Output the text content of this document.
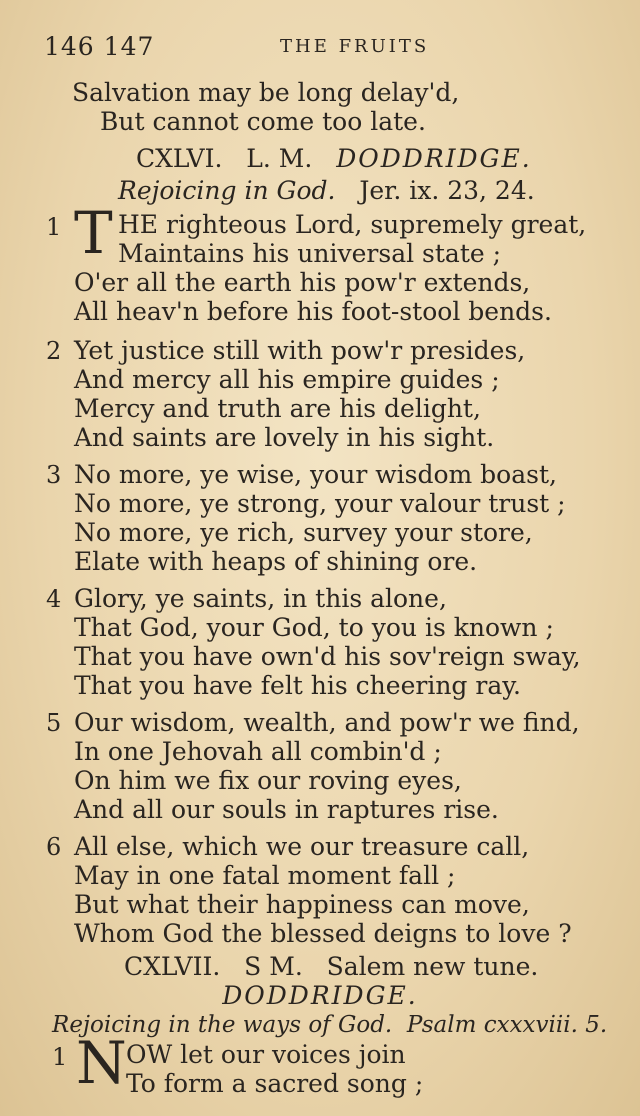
146 147	THE FRUITS
Salvation may be long delay'd,
But cannot come too late.
CXLVI. L. M. DODDRIDGE.
Rejoicing in God. Jer. ix. 23, 24.
1 T HE righteous Lord, supremely great,
Maintains his universal state ;
O'er all the earth his pow'r extends,
All heav'n before his foot-stool bends.
2 Yet justice still with pow'r presides,
And mercy all his empire guides ;
Mercy and truth are his delight,
And saints are lovely in his sight.
3 No more, ye wise, your wisdom boast,
No more, ye strong, your valour trust ;
No more, ye rich, survey your store,
Elate with heaps of shining ore.
4 Glory, ye saints, in this alone,
That God, your God, to you is known ;
That you have own'd his sov'reign sway,
That you have felt his cheering ray.
5 Our wisdom, wealth, and pow'r we find,
In one Jehovah all combin'd ;
On him we fix our roving eyes,
And all our souls in raptures rise.
6 All else, which we our treasure call,
May in one fatal moment fall ;
But what their happiness can move,
Whom God the blessed deigns to love ?
CXLVII. S M. Salem new tune.
DODDRIDGE.
Rejoicing in the ways of God. Psalm cxxxviii. 5.
1 N OW let our voices join
To form a sacred song ;
